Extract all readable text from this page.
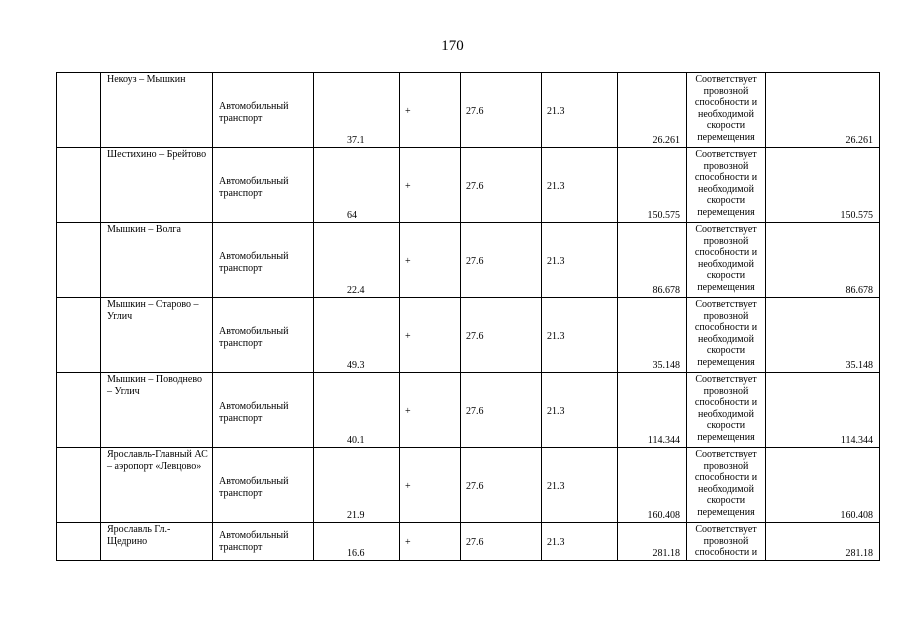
170

	Некоуз – Мышкин	Автомобильный транспорт	37.1	+	27.6	21.3	26.261	Соответствует провозной способности и необходимой скорости перемещения	26.261

	Шестихино – Брейтово	Автомобильный транспорт	64	+	27.6	21.3	150.575	Соответствует провозной способности и необходимой скорости перемещения	150.575

	Мышкин – Волга	Автомобильный транспорт	22.4	+	27.6	21.3	86.678	Соответствует провозной способности и необходимой скорости перемещения	86.678

	Мышкин – Старово – Углич	Автомобильный транспорт	49.3	+	27.6	21.3	35.148	Соответствует провозной способности и необходимой скорости перемещения	35.148

	Мышкин – Поводнево – Углич	Автомобильный транспорт	40.1	+	27.6	21.3	114.344	Соответствует провозной способности и необходимой скорости перемещения	114.344

	Ярославль-Главный АС – аэропорт «Левцово»	Автомобильный транспорт	21.9	+	27.6	21.3	160.408	Соответствует провозной способности и необходимой скорости перемещения	160.408

	Ярославль Гл.- Щедрино	Автомобильный транспорт	16.6	+	27.6	21.3	281.18	Соответствует провозной способности и	281.18
